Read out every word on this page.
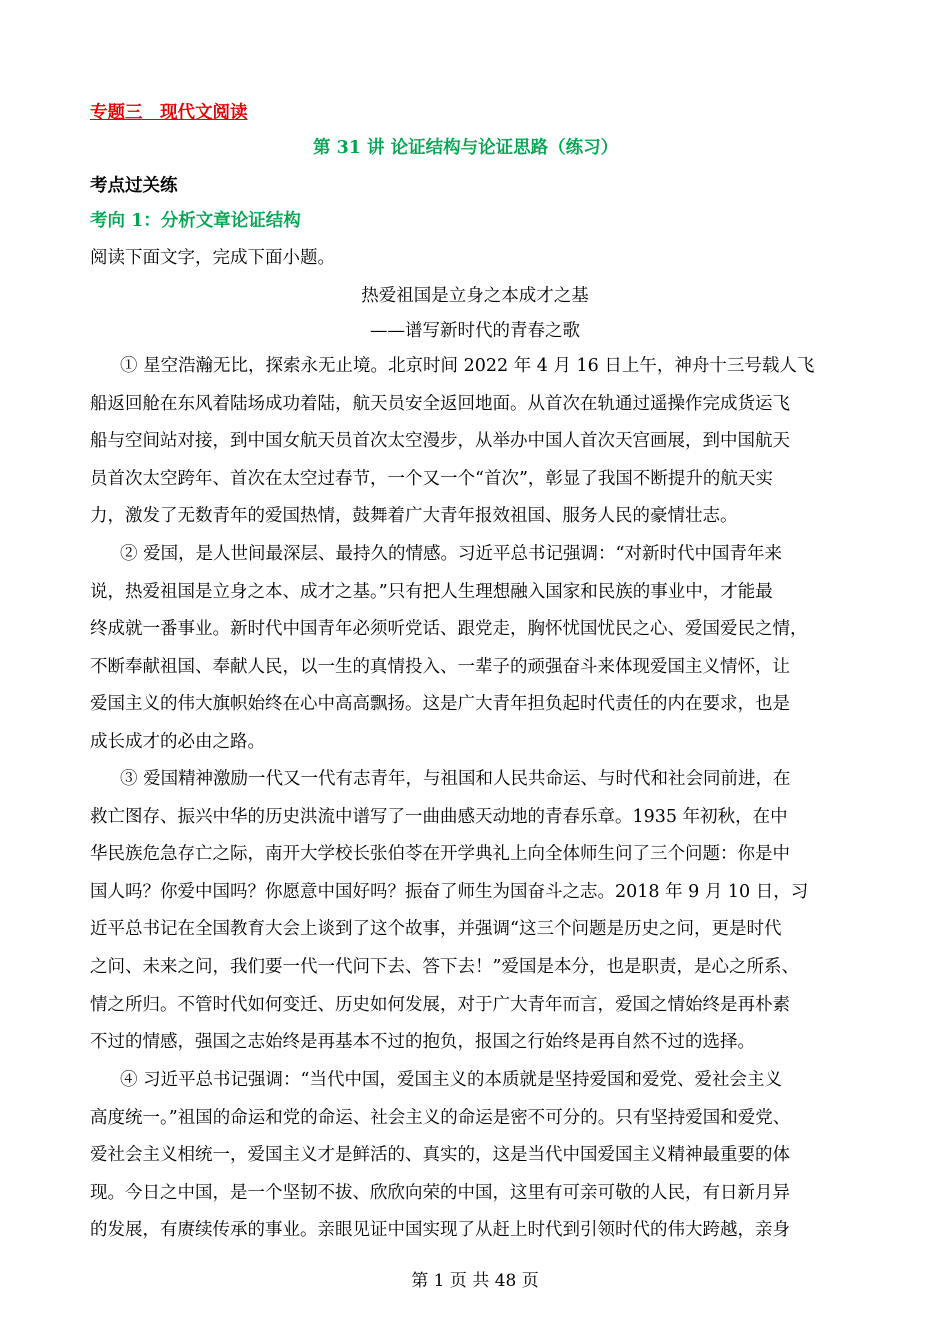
专题三　现代文阅读
第 31 讲 论证结构与论证思路（练习）
考点过关练
考向 1：分析文章论证结构
阅读下面文字，完成下面小题。
热爱祖国是立身之本成才之基
——谱写新时代的青春之歌
① 星空浩瀚无比，探索永无止境。北京时间 2022 年 4 月 16 日上午，神舟十三号载人飞
船返回舱在东风着陆场成功着陆，航天员安全返回地面。从首次在轨通过遥操作完成货运飞
船与空间站对接，到中国女航天员首次太空漫步，从举办中国人首次天宫画展，到中国航天
员首次太空跨年、首次在太空过春节，一个又一个“首次”，彰显了我国不断提升的航天实
力，激发了无数青年的爱国热情，鼓舞着广大青年报效祖国、服务人民的豪情壮志。
② 爱国，是人世间最深层、最持久的情感。习近平总书记强调：“对新时代中国青年来
说，热爱祖国是立身之本、成才之基。”只有把人生理想融入国家和民族的事业中，才能最
终成就一番事业。新时代中国青年必须听党话、跟党走，胸怀忧国忧民之心、爱国爱民之情，
不断奉献祖国、奉献人民，以一生的真情投入、一辈子的顽强奋斗来体现爱国主义情怀，让
爱国主义的伟大旗帜始终在心中高高飘扬。这是广大青年担负起时代责任的内在要求，也是
成长成才的必由之路。
③ 爱国精神激励一代又一代有志青年，与祖国和人民共命运、与时代和社会同前进，在
救亡图存、振兴中华的历史洪流中谱写了一曲曲感天动地的青春乐章。1935 年初秋，在中
华民族危急存亡之际，南开大学校长张伯苓在开学典礼上向全体师生问了三个问题：你是中
国人吗？你爱中国吗？你愿意中国好吗？振奋了师生为国奋斗之志。2018 年 9 月 10 日，习
近平总书记在全国教育大会上谈到了这个故事，并强调“这三个问题是历史之问，更是时代
之问、未来之问，我们要一代一代问下去、答下去！”爱国是本分，也是职责，是心之所系、
情之所归。不管时代如何变迁、历史如何发展，对于广大青年而言，爱国之情始终是再朴素
不过的情感，强国之志始终是再基本不过的抱负，报国之行始终是再自然不过的选择。
④ 习近平总书记强调：“当代中国，爱国主义的本质就是坚持爱国和爱党、爱社会主义
高度统一。”祖国的命运和党的命运、社会主义的命运是密不可分的。只有坚持爱国和爱党、
爱社会主义相统一，爱国主义才是鲜活的、真实的，这是当代中国爱国主义精神最重要的体
现。今日之中国，是一个坚韧不拔、欣欣向荣的中国，这里有可亲可敬的人民，有日新月异
的发展，有赓续传承的事业。亲眼见证中国实现了从赶上时代到引领时代的伟大跨越，亲身
第 1 页 共 48 页
